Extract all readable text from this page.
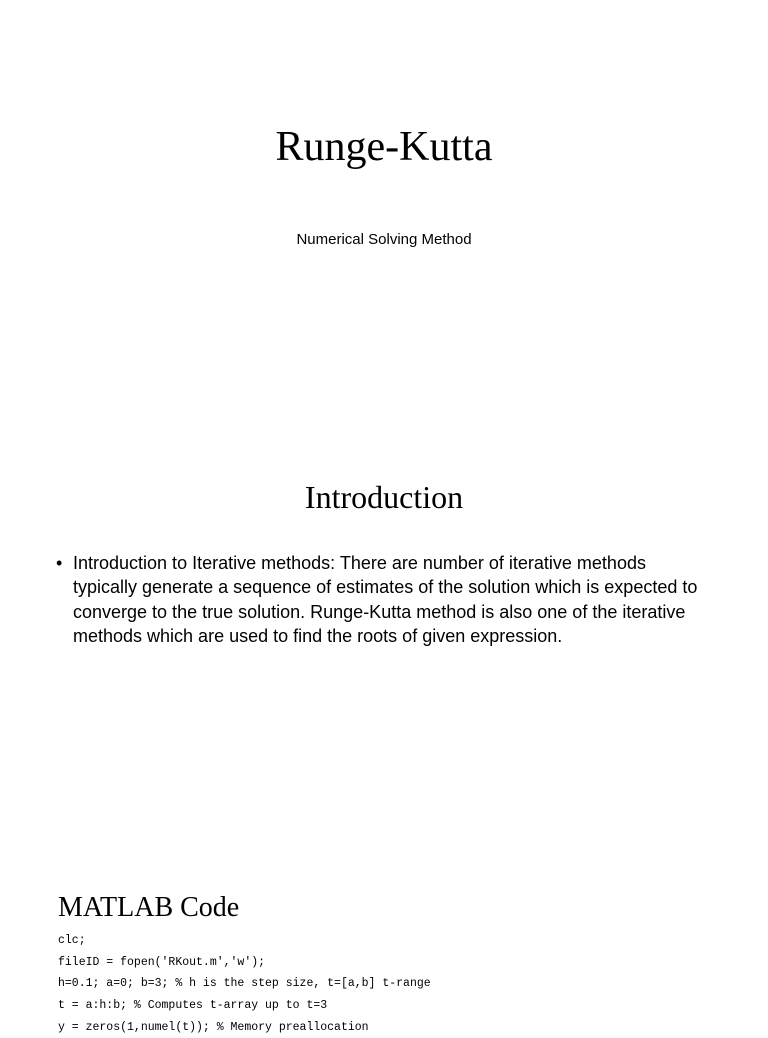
Runge-Kutta

Numerical Solving Method

Introduction
• Introduction to Iterative methods: There are number of iterative methods typically generate a sequence of estimates of the solution which is expected to converge to the true solution. Runge-Kutta method is also one of the iterative methods which are used to find the roots of given expression.
MATLAB Code
clc;
fileID = fopen('RKout.m','w');
h=0.1; a=0; b=3; % h is the step size, t=[a,b] t-range
t = a:h:b; % Computes t-array up to t=3
y = zeros(1,numel(t)); % Memory preallocation
